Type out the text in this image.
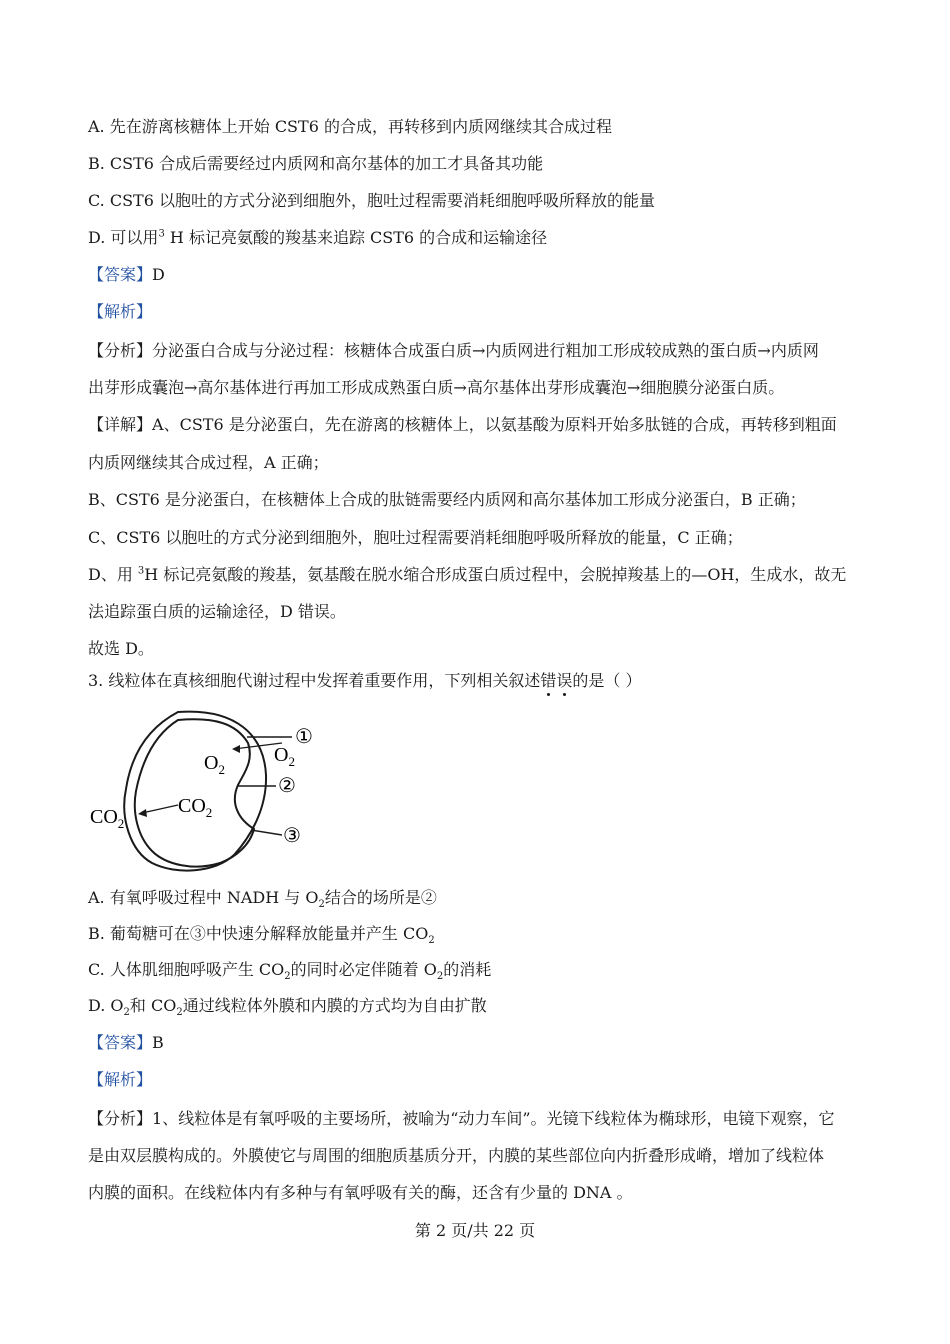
A. 先在游离核糖体上开始 CST6 的合成，再转移到内质网继续其合成过程
B. CST6 合成后需要经过内质网和高尔基体的加工才具备其功能
C. CST6 以胞吐的方式分泌到细胞外，胞吐过程需要消耗细胞呼吸所释放的能量
D. 可以用$^3$ H 标记亮氨酸的羧基来追踪 CST6 的合成和运输途径
【答案】D
【解析】
【分析】分泌蛋白合成与分泌过程：核糖体合成蛋白质→内质网进行粗加工形成较成熟的蛋白质→内质网
出芽形成囊泡→高尔基体进行再加工形成成熟蛋白质→高尔基体出芽形成囊泡→细胞膜分泌蛋白质。
【详解】A、CST6 是分泌蛋白，先在游离的核糖体上，以氨基酸为原料开始多肽链的合成，再转移到粗面
内质网继续其合成过程，A 正确；
B、CST6 是分泌蛋白，在核糖体上合成的肽链需要经内质网和高尔基体加工形成分泌蛋白，B 正确；
C、CST6 以胞吐的方式分泌到细胞外，胞吐过程需要消耗细胞呼吸所释放的能量，C 正确；
D、用 $^3$H 标记亮氨酸的羧基，氨基酸在脱水缩合形成蛋白质过程中，会脱掉羧基上的—OH，生成水，故无
法追踪蛋白质的运输途径，D 错误。
故选 D。
3. 线粒体在真核细胞代谢过程中发挥着重要作用，下列相关叙述错误的是（ ）
①
②
③
$O_2$
$O_2$
$CO_2$
$CO_2$
A. 有氧呼吸过程中 NADH 与 $O_2$结合的场所是②
B. 葡萄糖可在③中快速分解释放能量并产生 $CO_2$
C. 人体肌细胞呼吸产生 $CO_2$的同时必定伴随着 $O_2$的消耗
D. $O_2$和 $CO_2$通过线粒体外膜和内膜的方式均为自由扩散
【答案】B
【解析】
【分析】1、线粒体是有氧呼吸的主要场所，被喻为“动力车间”。光镜下线粒体为椭球形，电镜下观察，它
是由双层膜构成的。外膜使它与周围的细胞质基质分开，内膜的某些部位向内折叠形成嵴，增加了线粒体
内膜的面积。在线粒体内有多种与有氧呼吸有关的酶，还含有少量的 DNA 。
第 2 页/共 22 页
